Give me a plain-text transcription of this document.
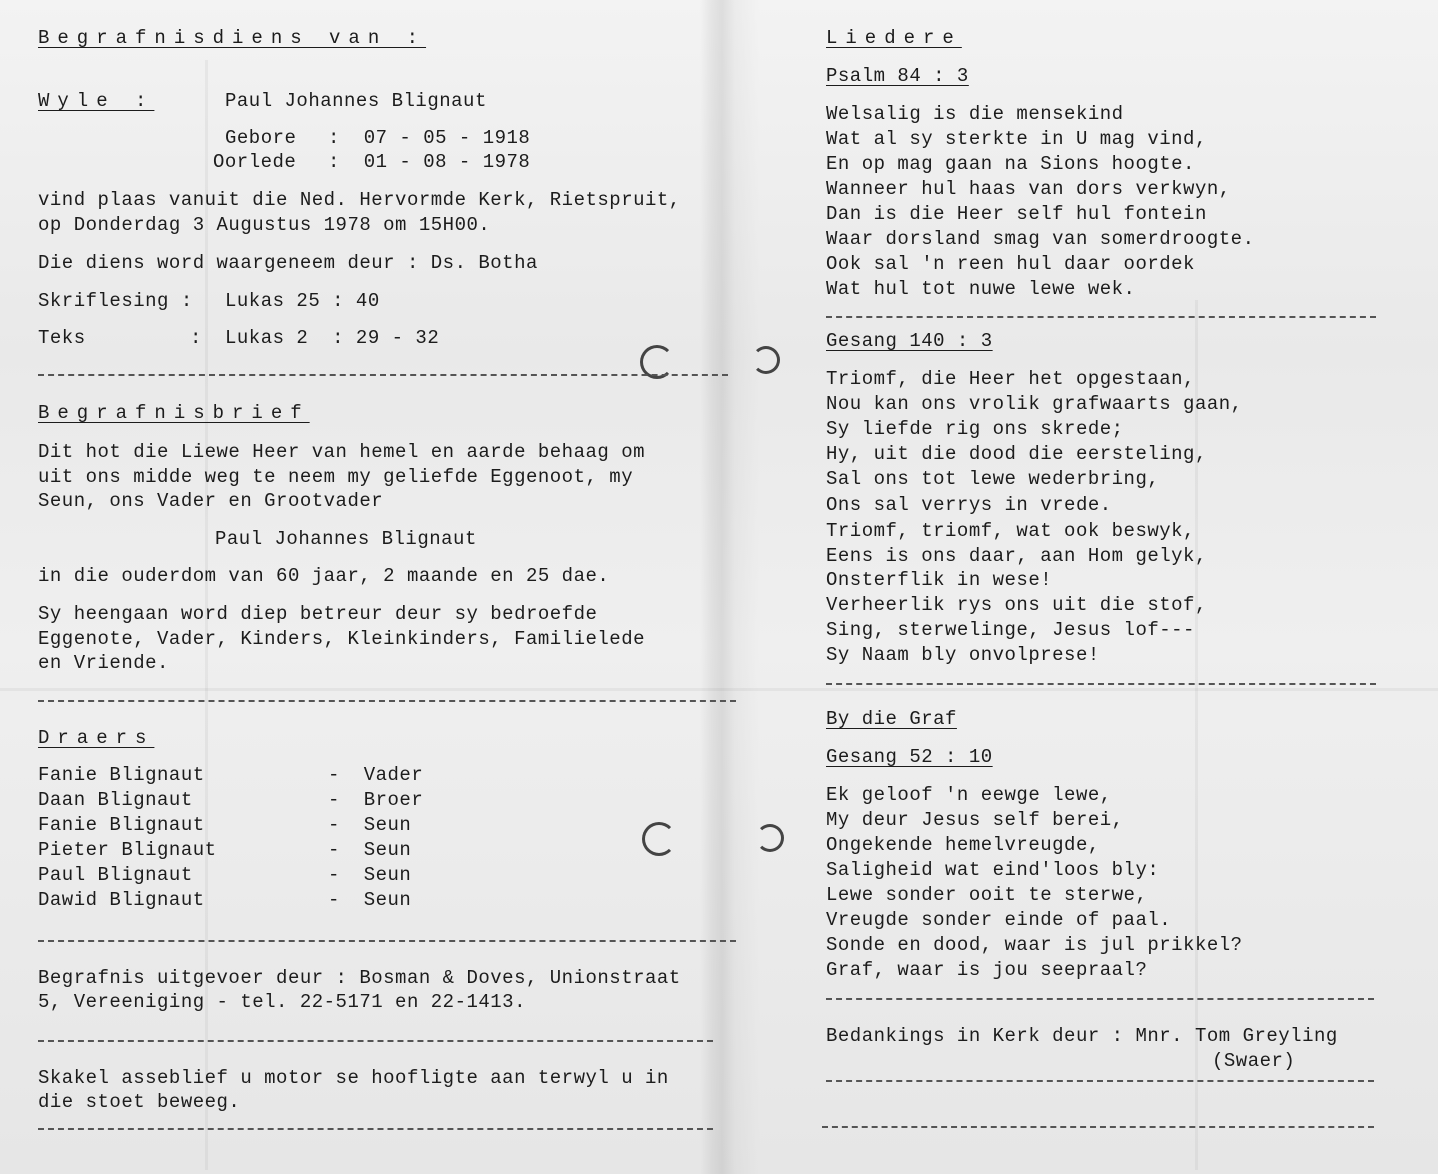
Begrafnisdiens van :
Wyle :	Paul Johannes Blignaut
Gebore :  07 - 05 - 1918
Oorlede :  01 - 08 - 1978
vind plaas vanuit die Ned. Hervormde Kerk, Rietspruit,
op Donderdag 3 Augustus 1978 om 15H00.
Die diens word waargeneem deur : Ds. Botha
Skriflesing : Lukas 25 : 40
Teks	: Lukas 2  : 29 - 32
Begrafnisbrief
Dit hot die Liewe Heer van hemel en aarde behaag om
uit ons midde weg te neem my geliefde Eggenoot, my
Seun, ons Vader en Grootvader
Paul Johannes Blignaut
in die ouderdom van 60 jaar, 2 maande en 25 dae.
Sy heengaan word diep betreur deur sy bedroefde
Eggenote, Vader, Kinders, Kleinkinders, Familielede
en Vriende.
Draers
Fanie Blignaut	-  Vader
Daan Blignaut	-  Broer
Fanie Blignaut	-  Seun
Pieter Blignaut	-  Seun
Paul Blignaut	-  Seun
Dawid Blignaut	-  Seun
Begrafnis uitgevoer deur : Bosman & Doves, Unionstraat
5, Vereeniging - tel. 22-5171 en 22-1413.
Skakel asseblief u motor se hoofligte aan terwyl u in
die stoet beweeg.
Liedere
Psalm 84 : 3
Welsalig is die mensekind
Wat al sy sterkte in U mag vind,
En op mag gaan na Sions hoogte.
Wanneer hul haas van dors verkwyn,
Dan is die Heer self hul fontein
Waar dorsland smag van somerdroogte.
Ook sal 'n reen hul daar oordek
Wat hul tot nuwe lewe wek.
Gesang 140 : 3
Triomf, die Heer het opgestaan,
Nou kan ons vrolik grafwaarts gaan,
Sy liefde rig ons skrede;
Hy, uit die dood die eersteling,
Sal ons tot lewe wederbring,
Ons sal verrys in vrede.
Triomf, triomf, wat ook beswyk,
Eens is ons daar, aan Hom gelyk,
Onsterflik in wese!
Verheerlik rys ons uit die stof,
Sing, sterwelinge, Jesus lof---
Sy Naam bly onvolprese!
By die Graf
Gesang 52 : 10
Ek geloof 'n eewge lewe,
My deur Jesus self berei,
Ongekende hemelvreugde,
Saligheid wat eind'loos bly:
Lewe sonder ooit te sterwe,
Vreugde sonder einde of paal.
Sonde en dood, waar is jul prikkel?
Graf, waar is jou seepraal?
Bedankings in Kerk deur : Mnr. Tom Greyling
(Swaer)
